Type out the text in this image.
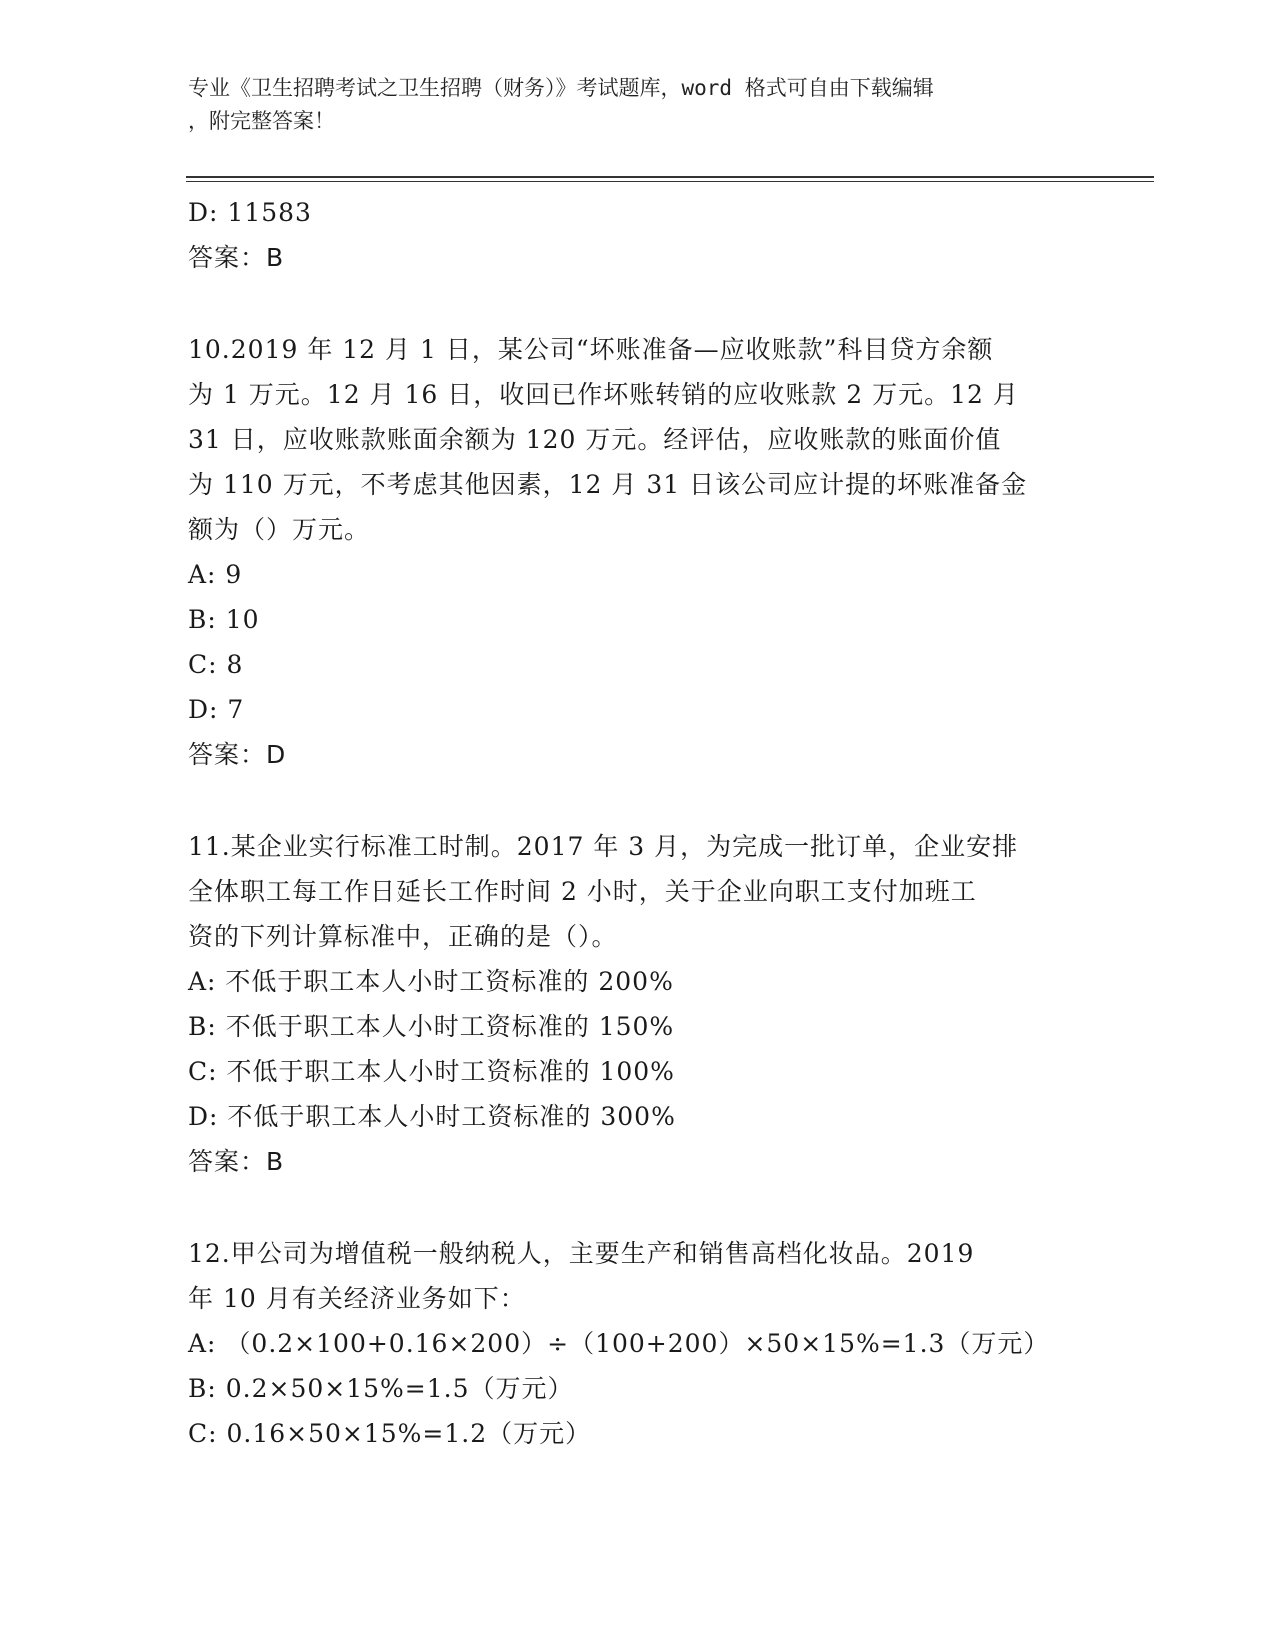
专业《卫生招聘考试之卫生招聘（财务）》考试题库，word 格式可自由下载编辑
，附完整答案！
D: 11583
答案：B
10.2019 年 12 月 1 日，某公司“坏账准备—应收账款”科目贷方余额
为 1 万元。12 月 16 日，收回已作坏账转销的应收账款 2 万元。12 月
31 日，应收账款账面余额为 120 万元。经评估，应收账款的账面价值
为 110 万元，不考虑其他因素，12 月 31 日该公司应计提的坏账准备金
额为（）万元。
A: 9
B: 10
C: 8
D: 7
答案：D
11.某企业实行标准工时制。2017 年 3 月，为完成一批订单，企业安排
全体职工每工作日延长工作时间 2 小时，关于企业向职工支付加班工
资的下列计算标准中，正确的是（）。
A: 不低于职工本人小时工资标准的 200%
B: 不低于职工本人小时工资标准的 150%
C: 不低于职工本人小时工资标准的 100%
D: 不低于职工本人小时工资标准的 300%
答案：B
12.甲公司为增值税一般纳税人，主要生产和销售高档化妆品。2019
年 10 月有关经济业务如下：
A: （0.2×100+0.16×200）÷（100+200）×50×15%=1.3（万元）
B: 0.2×50×15%=1.5（万元）
C: 0.16×50×15%=1.2（万元）
